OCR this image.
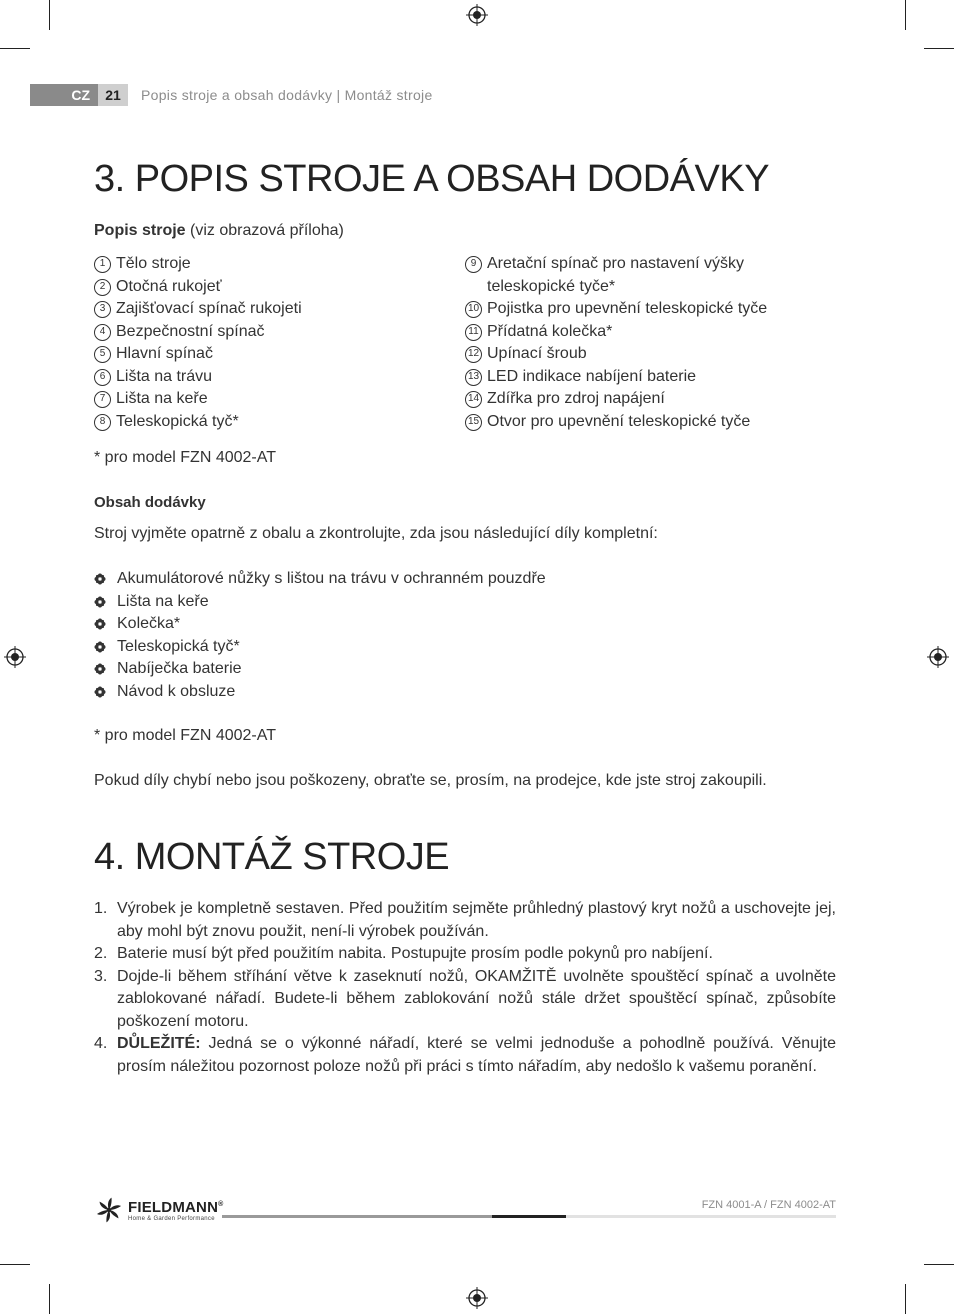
CZ	21	Popis stroje a obsah dodávky | Montáž stroje
3. POPIS STROJE A OBSAH DODÁVKY
Popis stroje (viz obrazová příloha)
1 Tělo stroje
2 Otočná rukojeť
3 Zajišťovací spínač rukojeti
4 Bezpečnostní spínač
5 Hlavní spínač
6 Lišta na trávu
7 Lišta na keře
8 Teleskopická tyč*
9 Aretační spínač pro nastavení výšky teleskopické tyče*
10 Pojistka pro upevnění teleskopické tyče
11 Přídatná kolečka*
12 Upínací šroub
13 LED indikace nabíjení baterie
14 Zdířka pro zdroj napájení
15 Otvor pro upevnění teleskopické tyče
* pro model FZN 4002-AT
Obsah dodávky
Stroj vyjměte opatrně z obalu a zkontrolujte, zda jsou následující díly kompletní:
Akumulátorové nůžky s lištou na trávu v ochranném pouzdře
Lišta na keře
Kolečka*
Teleskopická tyč*
Nabíječka baterie
Návod k obsluze
* pro model FZN 4002-AT
Pokud díly chybí nebo jsou poškozeny, obraťte se, prosím, na prodejce, kde jste stroj zakoupili.
4. MONTÁŽ STROJE
1. Výrobek je kompletně sestaven. Před použitím sejměte průhledný plastový kryt nožů a uschovejte jej, aby mohl být znovu použit, není-li výrobek používán.
2. Baterie musí být před použitím nabita. Postupujte prosím podle pokynů pro nabíjení.
3. Dojde-li během stříhání větve k zaseknutí nožů, OKAMŽITĚ uvolněte spouštěcí spínač a uvolněte zablokované nářadí. Budete-li během zablokování nožů stále držet spouštěcí spínač, způsobíte poškození motoru.
4. DŮLEŽITÉ: Jedná se o výkonné nářadí, které se velmi jednoduše a pohodlně používá. Věnujte prosím náležitou pozornost poloze nožů při práci s tímto nářadím, aby nedošlo k vašemu poranění.
FIELDMANN®
Home & Garden Performance
FZN 4001-A / FZN 4002-AT
